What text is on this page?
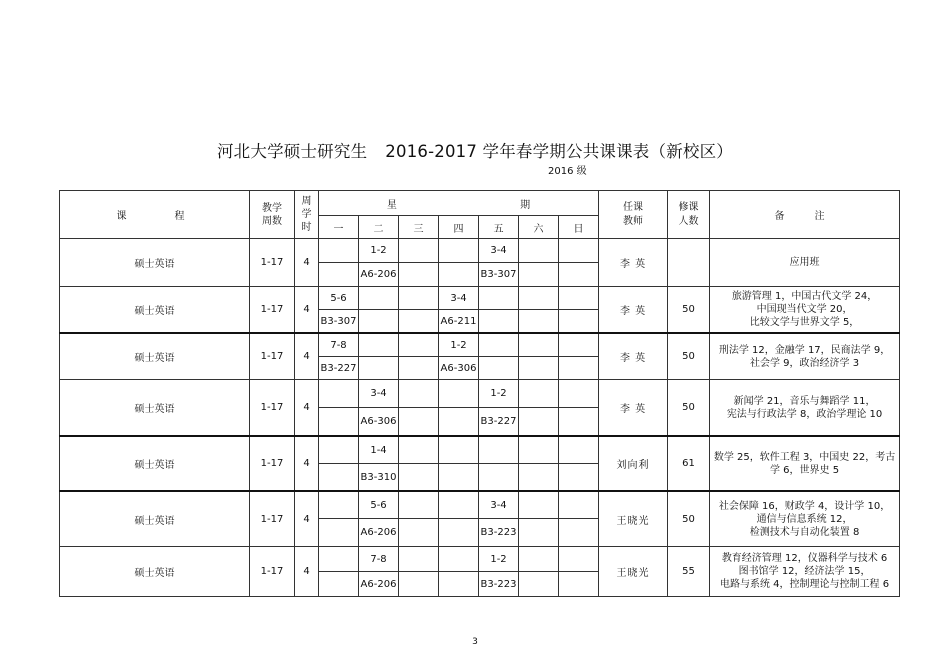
河北大学硕士研究生 2016-2017 学年春学期公共课课表（新校区）
2016 级
课程	教学周数	周学时	星 期							任课教师	修课人数	备注
			一	二	三	四	五	六	日			
硕士英语	1-17	4		1-2			3-4			李 英		应用班

				A6-206			B3-307					
硕士英语	1-17	4	5-6			3-4				李 英	50	旅游管理 1，中国古代文学 24，
中国现当代文学 20，
比较文学与世界文学 5，

			B3-307			A6-211						
硕士英语	1-17	4	7-8			1-2				李 英	50	刑法学 12，金融学 17，民商法学 9，
社会学 9，政治经济学 3

			B3-227			A6-306						
硕士英语	1-17	4		3-4			1-2			李 英	50	新闻学 21，音乐与舞蹈学 11，
宪法与行政法学 8，政治学理论 10

				A6-306			B3-227					
硕士英语	1-17	4		1-4						刘向利	61	数学 25，软件工程 3，中国史 22，考古
学 6，世界史 5

				B3-310								
硕士英语	1-17	4		5-6			3-4			王晓光	50	社会保障 16，财政学 4，设计学 10，
通信与信息系统 12，
检测技术与自动化装置 8

				A6-206			B3-223					
硕士英语	1-17	4		7-8			1-2			王晓光	55	教育经济管理 12，仪器科学与技术 6
图书馆学 12，经济法学 15，
电路与系统 4，控制理论与控制工程 6

				A6-206			B3-223					
3
